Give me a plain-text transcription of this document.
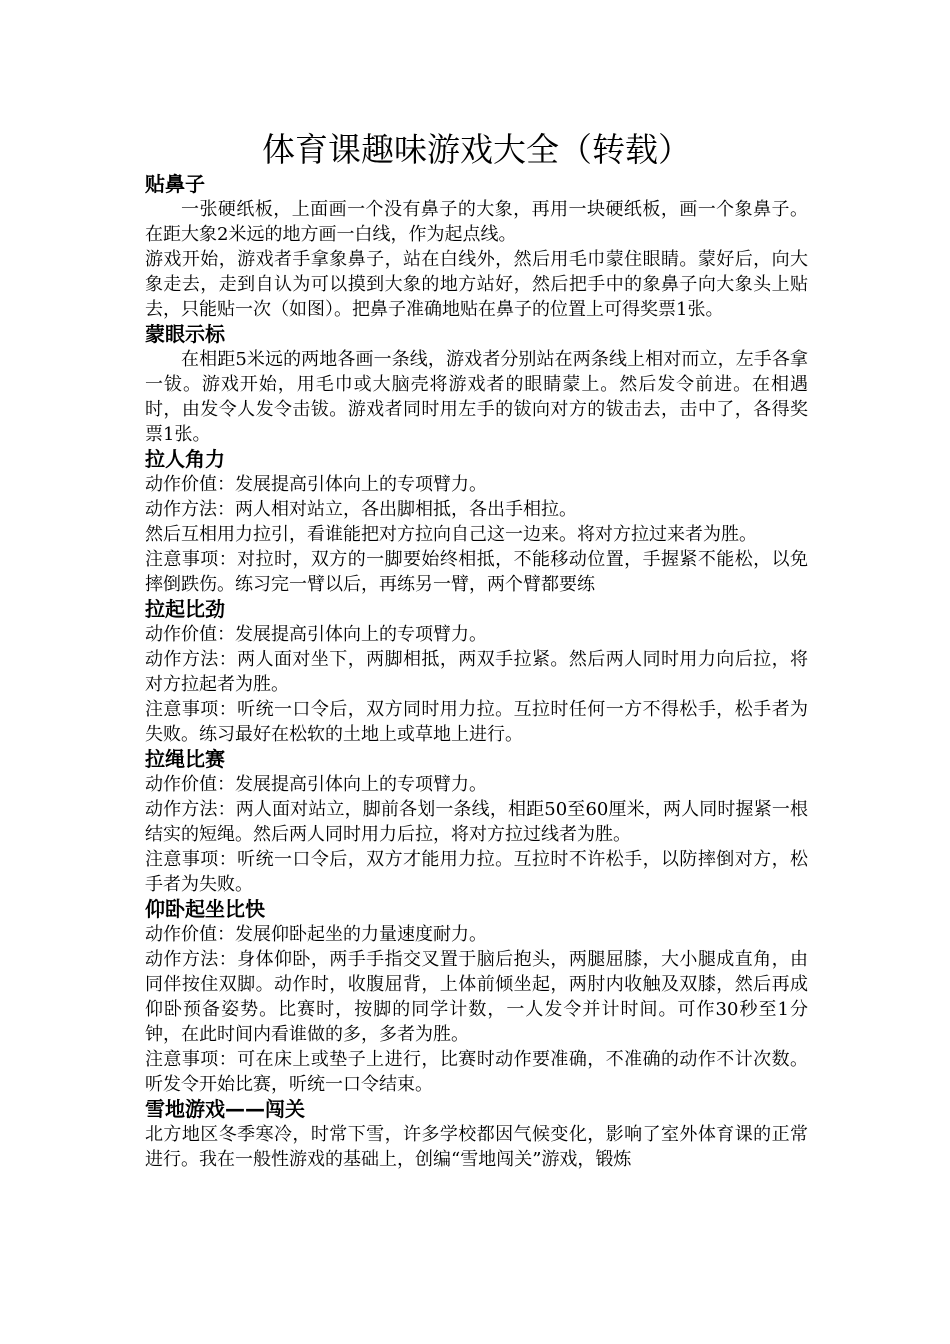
体育课趣味游戏大全（转载）
贴鼻子

一张硬纸板，上面画一个没有鼻子的大象，再用一块硬纸板，画一个象鼻子。在距大象2米远的地方画一白线，作为起点线。

游戏开始，游戏者手拿象鼻子，站在白线外，然后用毛巾蒙住眼睛。蒙好后，向大象走去，走到自认为可以摸到大象的地方站好，然后把手中的象鼻子向大象头上贴去，只能贴一次（如图）。把鼻子准确地贴在鼻子的位置上可得奖票1张。

蒙眼示标

在相距5米远的两地各画一条线，游戏者分别站在两条线上相对而立，左手各拿一钹。游戏开始，用毛巾或大脑壳将游戏者的眼睛蒙上。然后发令前进。在相遇时，由发令人发令击钹。游戏者同时用左手的钹向对方的钹击去，击中了，各得奖票1张。

拉人角力

动作价值：发展提高引体向上的专项臂力。

动作方法：两人相对站立，各出脚相抵，各出手相拉。

然后互相用力拉引，看谁能把对方拉向自己这一边来。将对方拉过来者为胜。

注意事项：对拉时，双方的一脚要始终相抵，不能移动位置，手握紧不能松，以免摔倒跌伤。练习完一臂以后，再练另一臂，两个臂都要练

拉起比劲

动作价值：发展提高引体向上的专项臂力。

动作方法：两人面对坐下，两脚相抵，两双手拉紧。然后两人同时用力向后拉，将对方拉起者为胜。

注意事项：听统一口令后，双方同时用力拉。互拉时任何一方不得松手，松手者为失败。练习最好在松软的土地上或草地上进行。

拉绳比赛

动作价值：发展提高引体向上的专项臂力。

动作方法：两人面对站立，脚前各划一条线，相距50至60厘米，两人同时握紧一根结实的短绳。然后两人同时用力后拉，将对方拉过线者为胜。

注意事项：听统一口令后，双方才能用力拉。互拉时不许松手，以防摔倒对方，松手者为失败。

仰卧起坐比快

动作价值：发展仰卧起坐的力量速度耐力。

动作方法：身体仰卧，两手手指交叉置于脑后抱头，两腿屈膝，大小腿成直角，由同伴按住双脚。动作时，收腹屈背，上体前倾坐起，两肘内收触及双膝，然后再成仰卧预备姿势。比赛时，按脚的同学计数，一人发令并计时间。可作30秒至1分钟，在此时间内看谁做的多，多者为胜。

注意事项：可在床上或垫子上进行，比赛时动作要准确，不准确的动作不计次数。听发令开始比赛，听统一口令结束。

雪地游戏——闯关

北方地区冬季寒冷，时常下雪，许多学校都因气候变化，影响了室外体育课的正常进行。我在一般性游戏的基础上，创编“雪地闯关”游戏，锻炼
